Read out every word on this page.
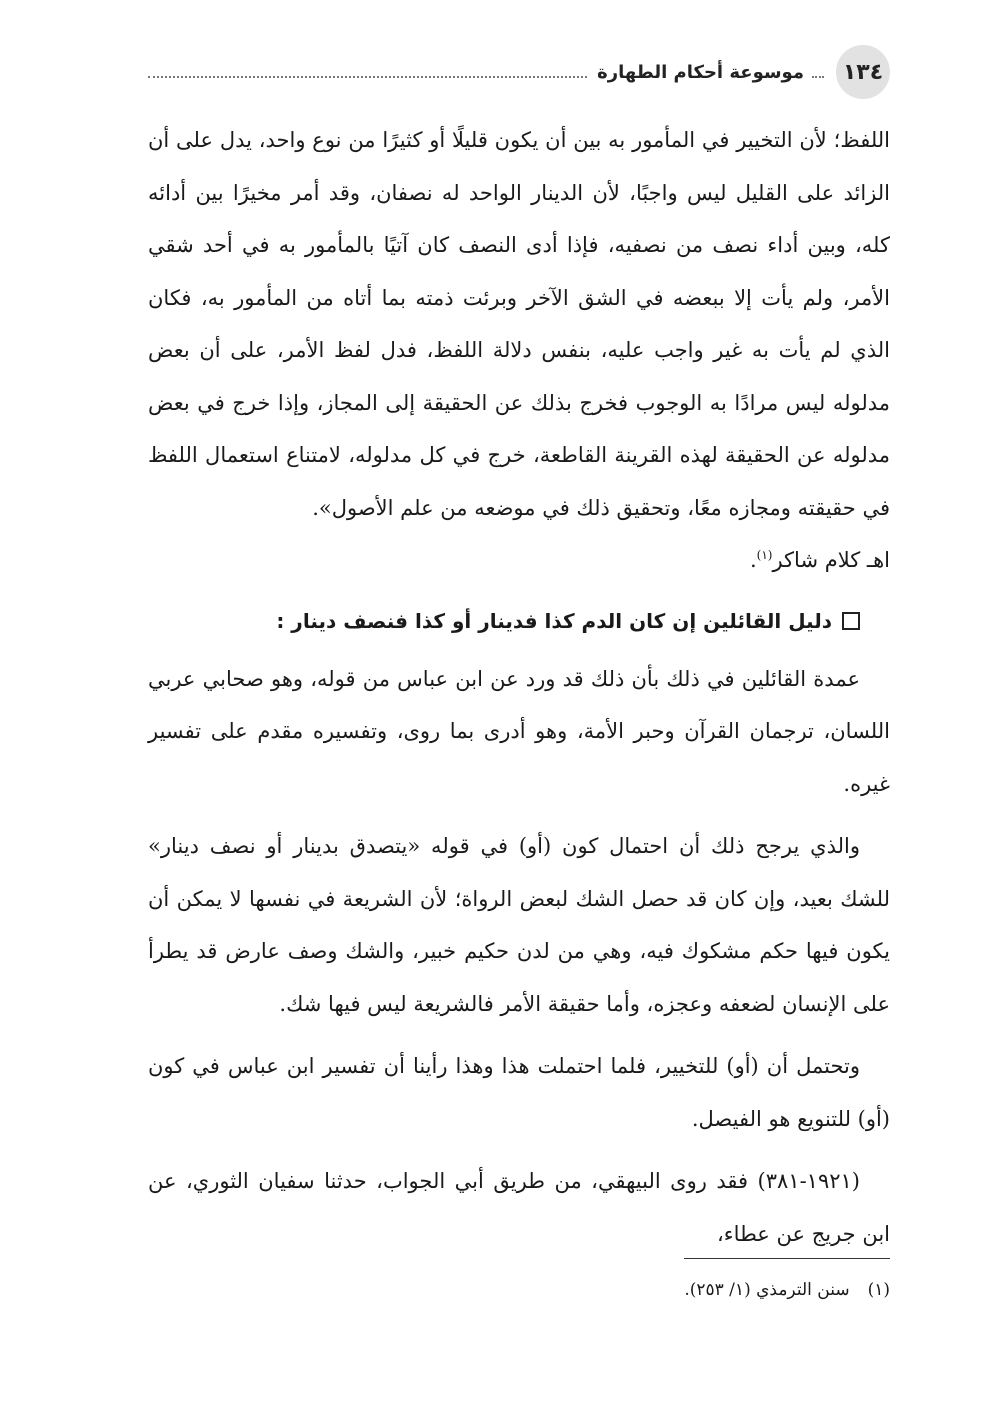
١٣٤
موسوعة أحكام الطهارة

اللفظ؛ لأن التخيير في المأمور به بين أن يكون قليلًا أو كثيرًا من نوع واحد، يدل على أن الزائد على القليل ليس واجبًا، لأن الدينار الواحد له نصفان، وقد أمر مخيرًا بين أدائه كله، وبين أداء نصف من نصفيه، فإذا أدى النصف كان آتيًا بالمأمور به في أحد شقي الأمر، ولم يأت إلا ببعضه في الشق الآخر وبرئت ذمته بما أتاه من المأمور به، فكان الذي لم يأت به غير واجب عليه، بنفس دلالة اللفظ، فدل لفظ الأمر، على أن بعض مدلوله ليس مرادًا به الوجوب فخرج بذلك عن الحقيقة إلى المجاز، وإذا خرج في بعض مدلوله عن الحقيقة لهذه القرينة القاطعة، خرج في كل مدلوله، لامتناع استعمال اللفظ في حقيقته ومجازه معًا، وتحقيق ذلك في موضعه من علم الأصول».

اهـ كلام شاكر$^{(١)}$.

دليل القائلين إن كان الدم كذا فدينار أو كذا فنصف دينار :

عمدة القائلين في ذلك بأن ذلك قد ورد عن ابن عباس من قوله، وهو صحابي عربي اللسان، ترجمان القرآن وحبر الأمة، وهو أدرى بما روى، وتفسيره مقدم على تفسير غيره.

والذي يرجح ذلك أن احتمال كون (أو) في قوله «يتصدق بدينار أو نصف دينار» للشك بعيد، وإن كان قد حصل الشك لبعض الرواة؛ لأن الشريعة في نفسها لا يمكن أن يكون فيها حكم مشكوك فيه، وهي من لدن حكيم خبير، والشك وصف عارض قد يطرأ على الإنسان لضعفه وعجزه، وأما حقيقة الأمر فالشريعة ليس فيها شك.

وتحتمل أن (أو) للتخيير، فلما احتملت هذا وهذا رأينا أن تفسير ابن عباس في كون (أو) للتنويع هو الفيصل.

(١٩٢١-٣٨١) فقد روى البيهقي، من طريق أبي الجواب، حدثنا سفيان الثوري، عن ابن جريج عن عطاء،

(١)
سنن الترمذي (١/ ٢٥٣).
